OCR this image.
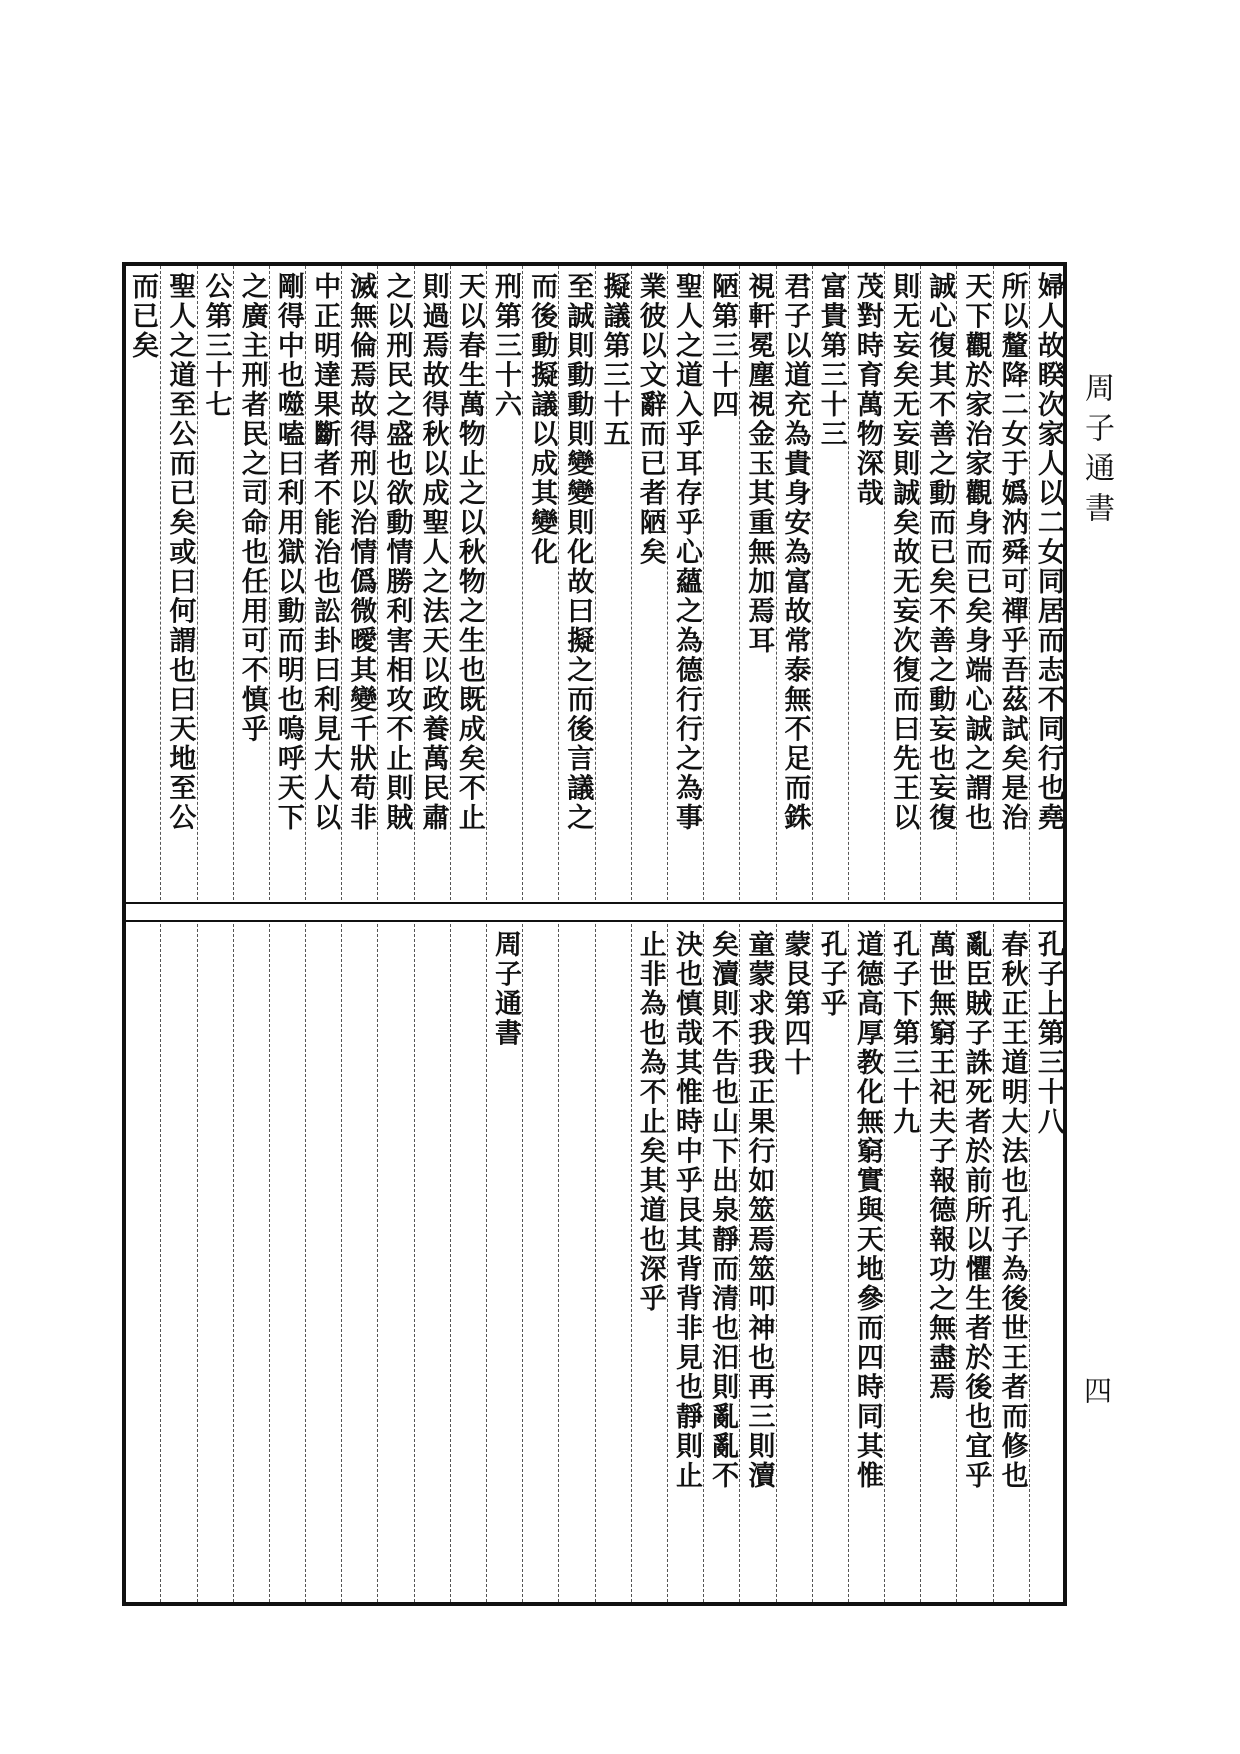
周子通書
四
婦人故睽次家人以二女同居而志不同行也堯
所以釐降二女于嬀汭舜可禪乎吾茲試矣是治
天下觀於家治家觀身而已矣身端心誠之謂也
誠心復其不善之動而已矣不善之動妄也妄復
則无妄矣无妄則誠矣故无妄次復而曰先王以
茂對時育萬物深哉
富貴第三十三
君子以道充為貴身安為富故常泰無不足而銖
視軒冕塵視金玉其重無加焉耳
陋第三十四
聖人之道入乎耳存乎心蘊之為德行行之為事
業彼以文辭而已者陋矣
擬議第三十五
至誠則動動則變變則化故曰擬之而後言議之
而後動擬議以成其變化
刑第三十六
天以春生萬物止之以秋物之生也既成矣不止
則過焉故得秋以成聖人之法天以政養萬民肅
之以刑民之盛也欲動情勝利害相攻不止則賊
滅無倫焉故得刑以治情僞微曖其變千狀苟非
中正明達果斷者不能治也訟卦曰利見大人以
剛得中也噬嗑曰利用獄以動而明也嗚呼天下
之廣主刑者民之司命也任用可不慎乎
公第三十七
聖人之道至公而已矣或曰何謂也曰天地至公
而已矣
孔子上第三十八
春秋正王道明大法也孔子為後世王者而修也
亂臣賊子誅死者於前所以懼生者於後也宜乎
萬世無窮王祀夫子報德報功之無盡焉
孔子下第三十九
道德高厚教化無窮實與天地參而四時同其惟
孔子乎
蒙艮第四十
童蒙求我我正果行如筮焉筮叩神也再三則瀆
矣瀆則不告也山下出泉靜而清也汨則亂亂不
決也慎哉其惟時中乎艮其背背非見也靜則止
止非為也為不止矣其道也深乎
周子通書
